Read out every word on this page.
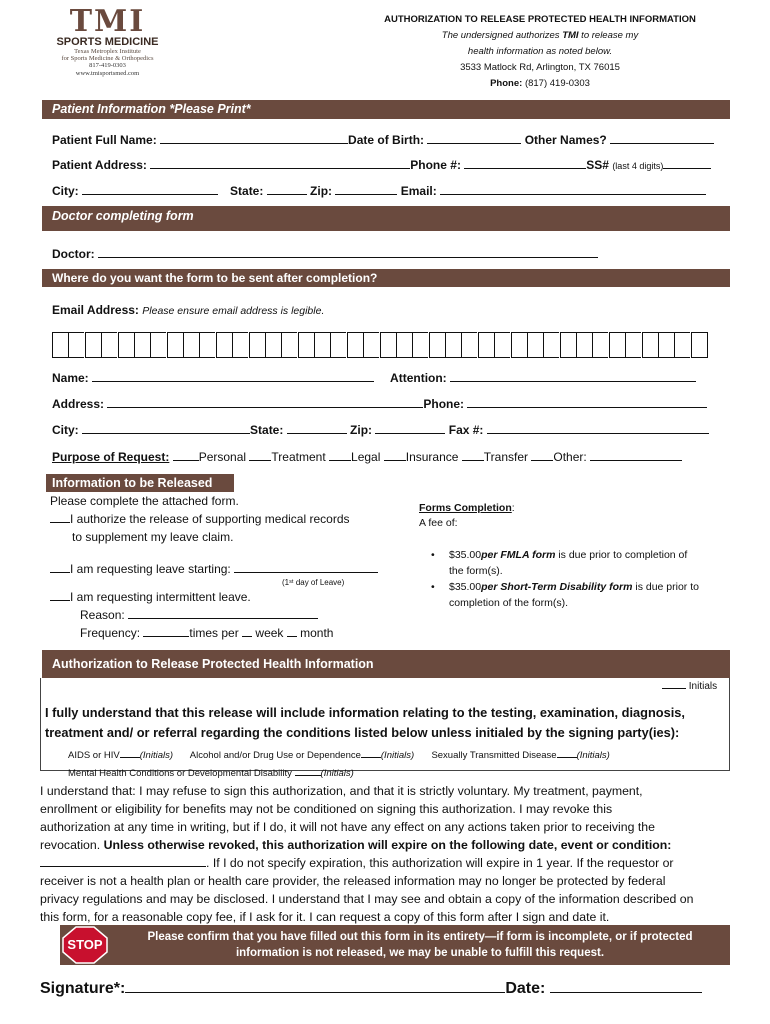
TMI
SPORTS MEDICINE
Texas Metroplex Institute
for Sports Medicine & Orthopedics
817-419-0303
www.tmisportsmed.com
AUTHORIZATION TO RELEASE PROTECTED HEALTH INFORMATION
The undersigned authorizes TMI to release my
health information as noted below.
3533 Matlock Rd, Arlington, TX 76015
Phone: (817) 419-0303
Patient Information *Please Print*
Patient Full Name:	Date of Birth:	Other Names?
Patient Address:	Phone #:	SS# (last 4 digits)
City:	State:	Zip:	Email:
Doctor completing form
Doctor:
Where do you want the form to be sent after completion?
Email Address: Please ensure email address is legible.
Name:	Attention:
Address:	Phone:
City:	State:	Zip:	Fax #:
Purpose of Request: Personal Treatment Legal Insurance Transfer Other:
Information to be Released
Please complete the attached form.
I authorize the release of supporting medical records
to supplement my leave claim.
I am requesting leave starting:
(1ˢᵗ day of Leave)
I am requesting intermittent leave.
Reason:
Frequency:	times per week month
Forms Completion:
A fee of:
• $35.00per FMLA form is due prior to completion of
the form(s).
• $35.00per Short-Term Disability form is due prior to
completion of the form(s).
Authorization to Release Protected Health Information
Initials
I fully understand that this release will include information relating to the testing, examination, diagnosis,
treatment and/ or referral regarding the conditions listed below unless initialed by the signing party(ies):
AIDS or HIV (Initials) Alcohol and/or Drug Use or Dependence (Initials) Sexually Transmitted Disease (Initials)
Mental Health Conditions or Developmental Disability	(Initials)
I understand that: I may refuse to sign this authorization, and that it is strictly voluntary. My treatment, payment,
enrollment or eligibility for benefits may not be conditioned on signing this authorization. I may revoke this
authorization at any time in writing, but if I do, it will not have any effect on any actions taken prior to receiving the
revocation. Unless otherwise revoked, this authorization will expire on the following date, event or condition:
. If I do not specify expiration, this authorization will expire in 1 year. If the requestor or
receiver is not a health plan or health care provider, the released information may no longer be protected by federal
privacy regulations and may be disclosed. I understand that I may see and obtain a copy of the information described on
this form, for a reasonable copy fee, if I ask for it. I can request a copy of this form after I sign and date it.
STOP	Please confirm that you have filled out this form in its entirety—if form is incomplete, or if protected
information is not released, we may be unable to fulfill this request.
Signature*:	Date:
